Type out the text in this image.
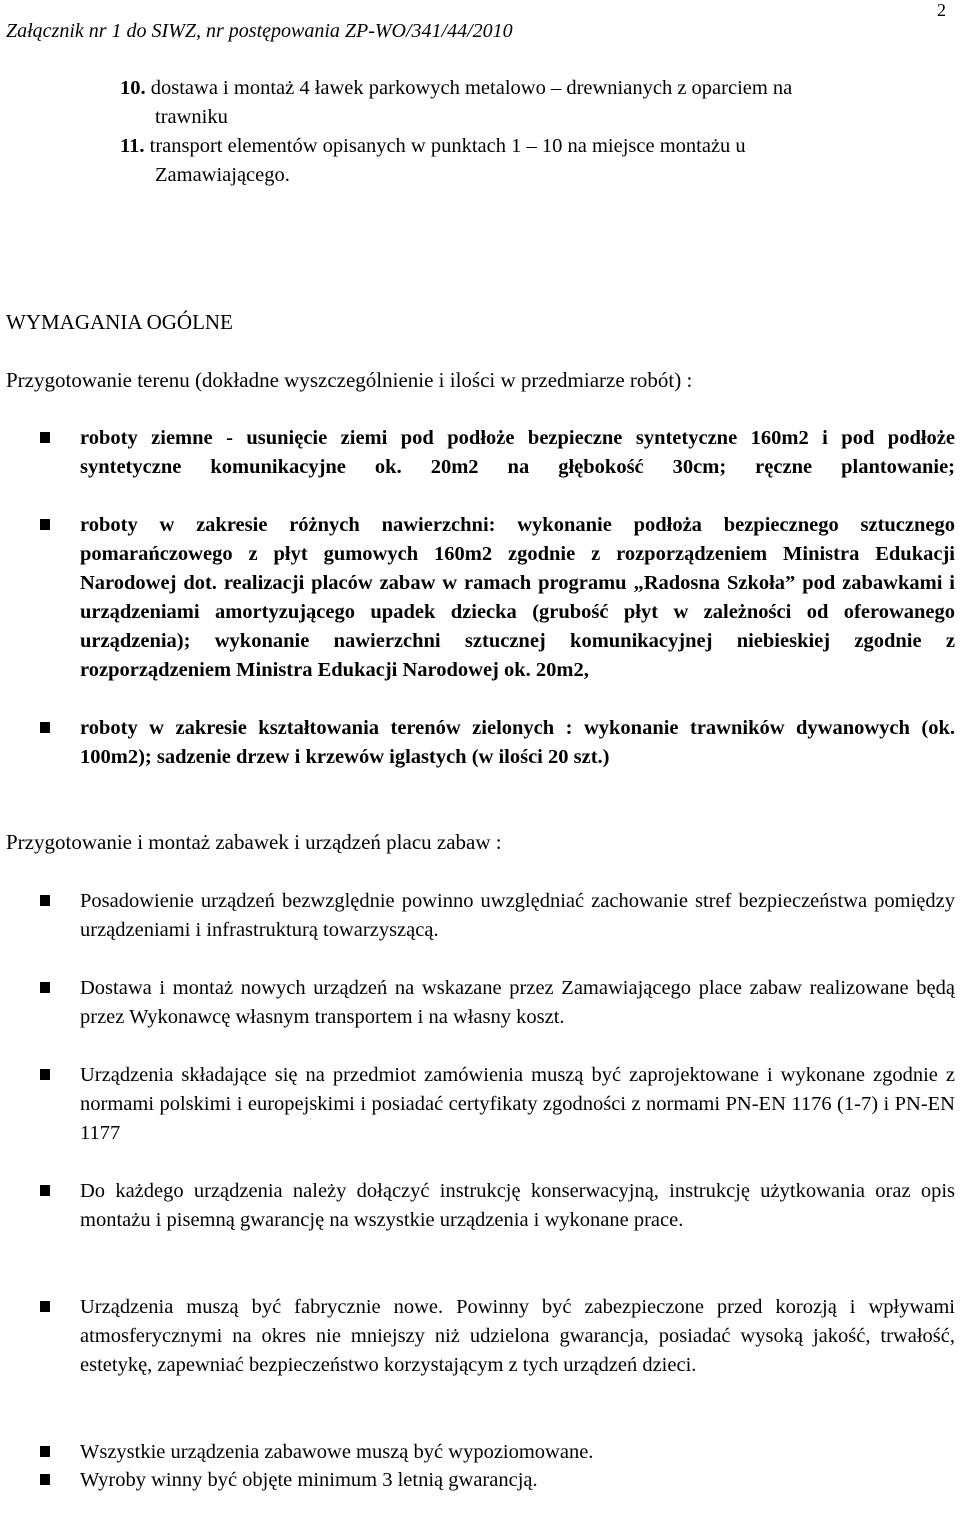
Załącznik nr 1 do SIWZ, nr postępowania ZP-WO/341/44/2010
2
10. dostawa i montaż 4 ławek parkowych metalowo – drewnianych z oparciem na
trawniku
11. transport elementów opisanych w punktach 1 – 10 na miejsce montażu u
Zamawiającego.
WYMAGANIA OGÓLNE
Przygotowanie terenu (dokładne wyszczególnienie i ilości w przedmiarze robót) :
roboty ziemne - usunięcie ziemi pod podłoże bezpieczne syntetyczne 160m2 i pod podłoże syntetyczne komunikacyjne ok. 20m2 na głębokość 30cm; ręczne plantowanie;
roboty w zakresie różnych nawierzchni: wykonanie podłoża bezpiecznego sztucznego pomarańczowego z płyt gumowych 160m2 zgodnie z rozporządzeniem Ministra Edukacji Narodowej dot. realizacji placów zabaw w ramach programu „Radosna Szkoła” pod zabawkami i urządzeniami amortyzującego upadek dziecka (grubość płyt w zależności od oferowanego urządzenia); wykonanie nawierzchni sztucznej komunikacyjnej niebieskiej zgodnie z rozporządzeniem Ministra Edukacji Narodowej ok. 20m2,
roboty w zakresie kształtowania terenów zielonych : wykonanie trawników dywanowych (ok. 100m2); sadzenie drzew i krzewów iglastych (w ilości 20 szt.)
Przygotowanie i montaż zabawek i urządzeń placu zabaw :
Posadowienie urządzeń bezwzględnie powinno uwzględniać zachowanie stref bezpieczeństwa pomiędzy urządzeniami i infrastrukturą towarzyszącą.
Dostawa i montaż nowych urządzeń na wskazane przez Zamawiającego place zabaw realizowane będą przez Wykonawcę własnym transportem i na własny koszt.
Urządzenia składające się na przedmiot zamówienia muszą być zaprojektowane i wykonane zgodnie z normami polskimi i europejskimi i posiadać certyfikaty zgodności z normami PN-EN 1176 (1-7) i PN-EN 1177
Do każdego urządzenia należy dołączyć instrukcję konserwacyjną, instrukcję użytkowania oraz opis montażu i pisemną gwarancję na wszystkie urządzenia i wykonane prace.
Urządzenia muszą być fabrycznie nowe. Powinny być zabezpieczone przed korozją i wpływami atmosferycznymi na okres nie mniejszy niż udzielona gwarancja, posiadać wysoką jakość, trwałość, estetykę, zapewniać bezpieczeństwo korzystającym z tych urządzeń dzieci.
Wszystkie urządzenia zabawowe muszą być wypoziomowane.
Wyroby winny być objęte minimum 3 letnią gwarancją.
